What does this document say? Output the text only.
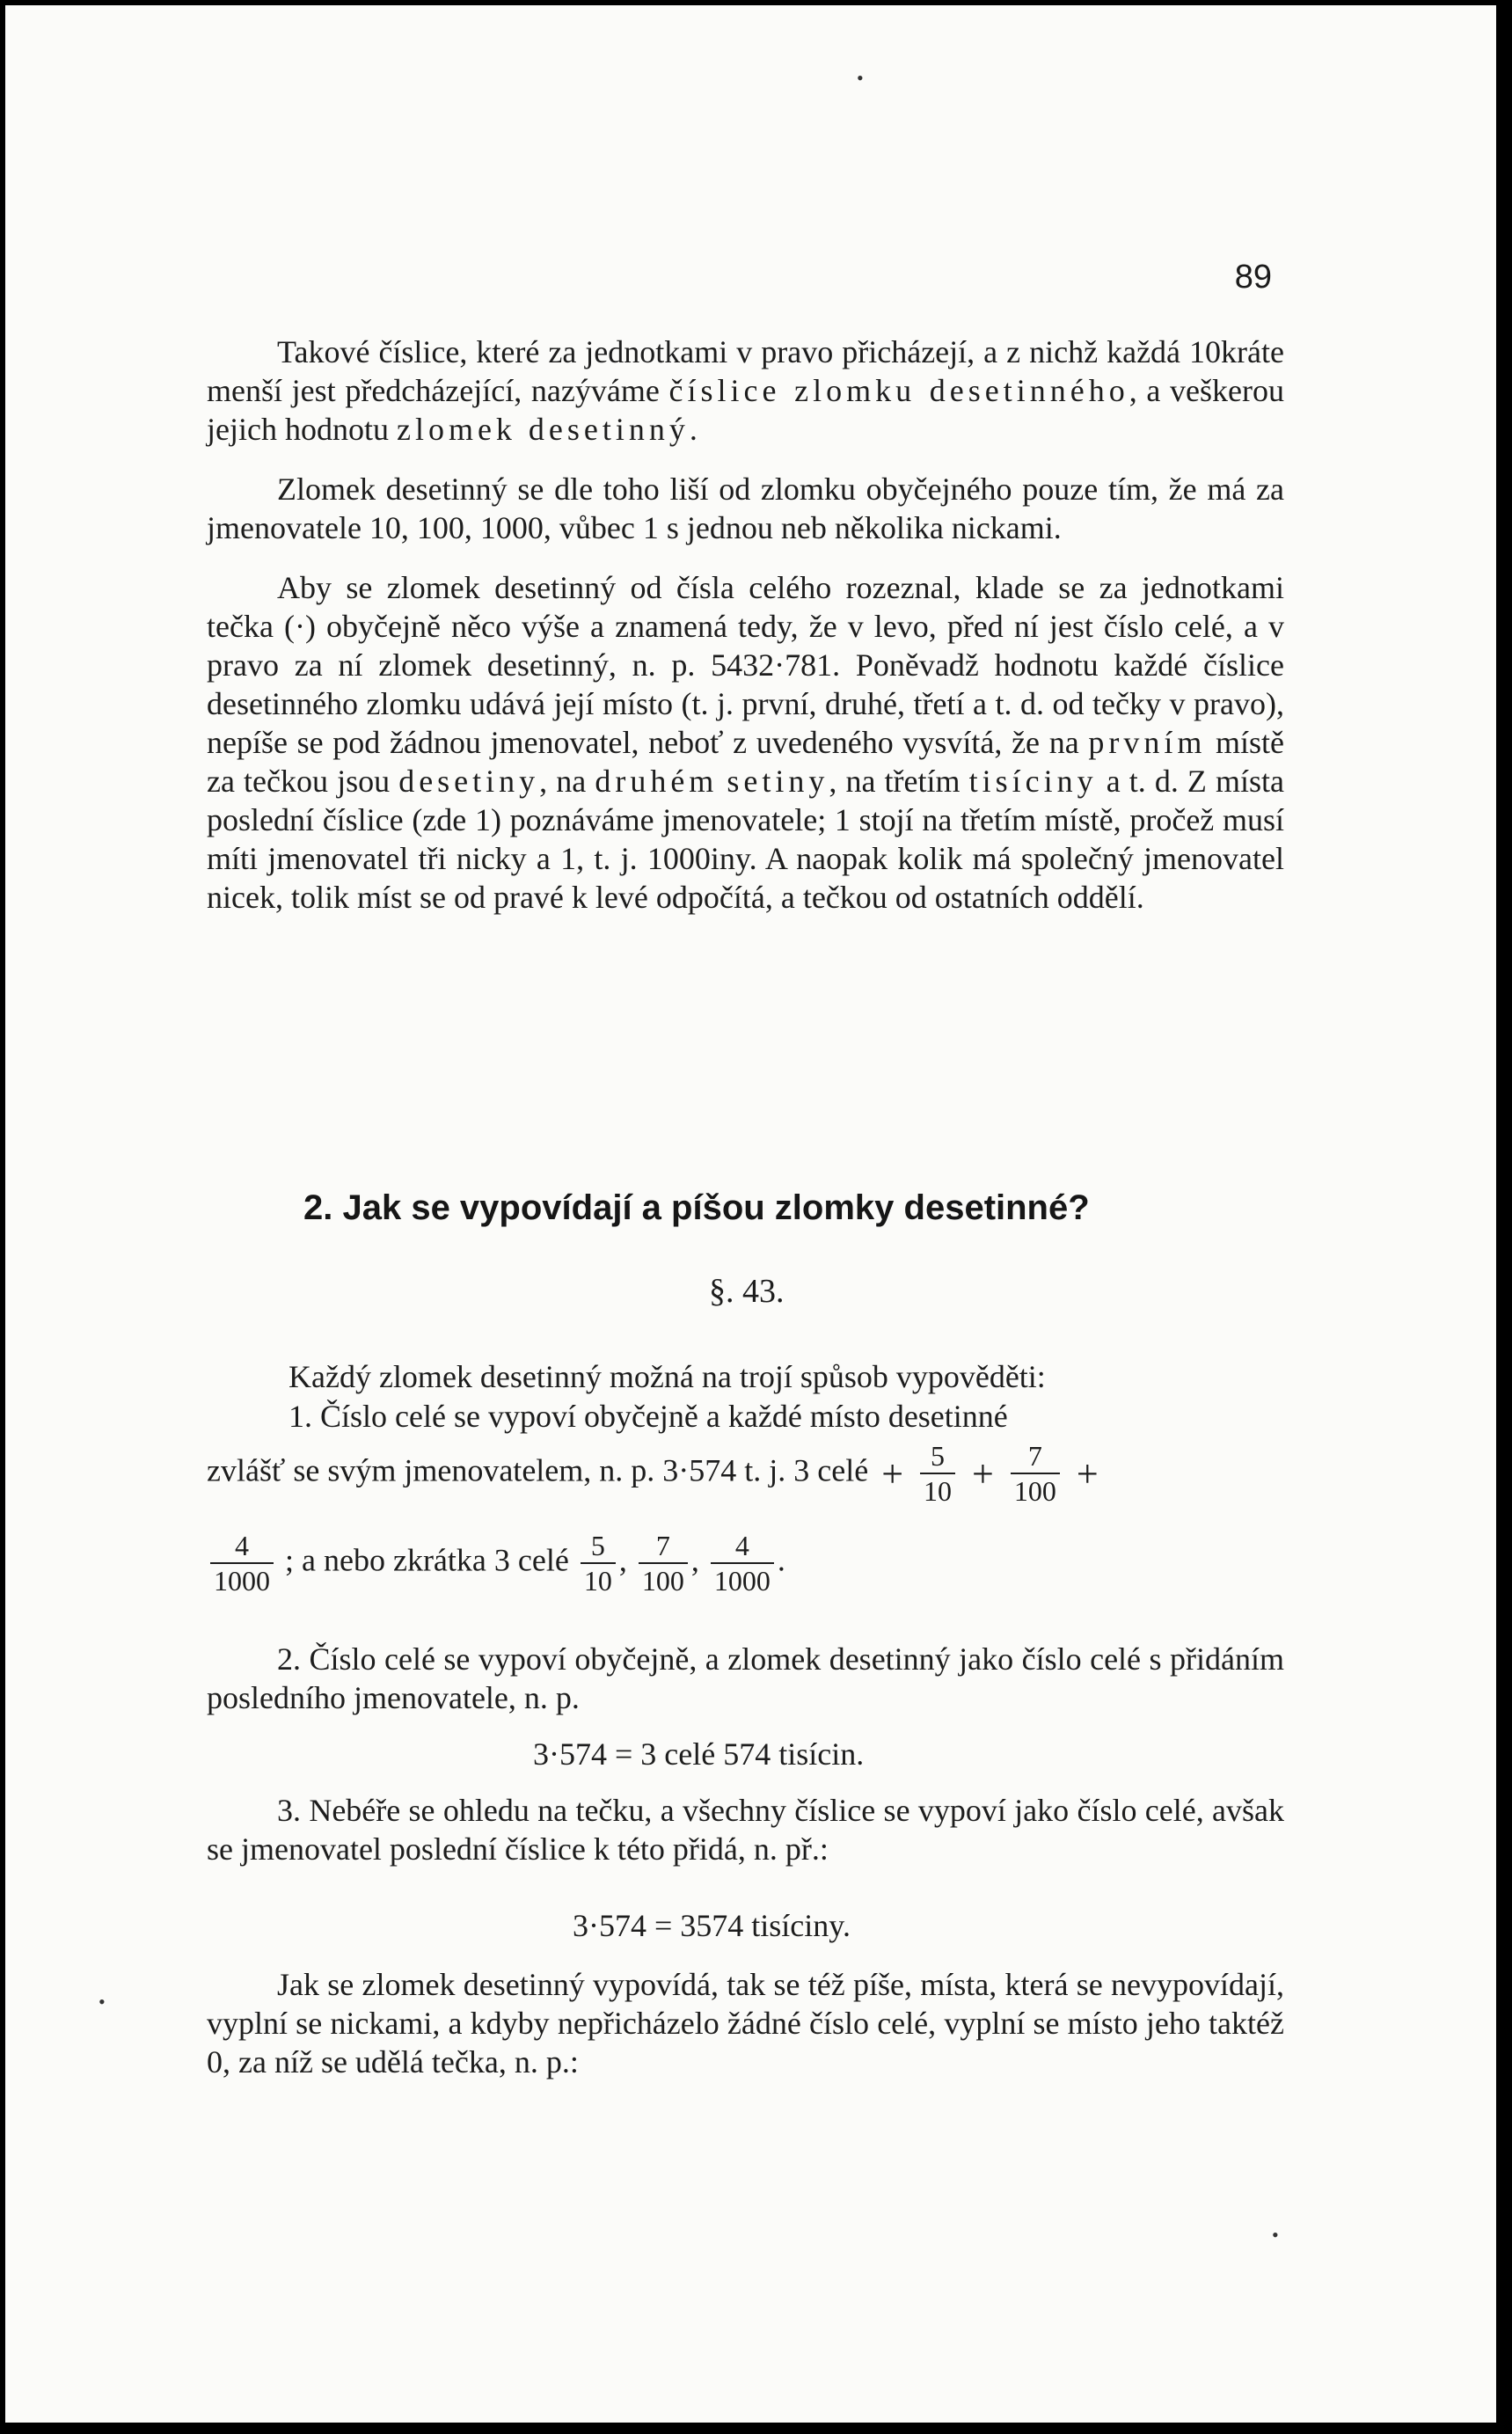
89

Takové číslice, které za jednotkami v pravo přicházejí, a z nichž každá 10kráte menší jest předcházející, nazýváme číslice zlomku desetinného, a veškerou jejich hodnotu zlomek desetinný.

Zlomek desetinný se dle toho liší od zlomku obyčejného pouze tím, že má za jmenovatele 10, 100, 1000, vůbec 1 s jednou neb několika nickami.

Aby se zlomek desetinný od čísla celého rozeznal, klade se za jednotkami tečka (·) obyčejně něco výše a znamená tedy, že v levo, před ní jest číslo celé, a v pravo za ní zlomek desetinný, n. p. 5432·781. Poněvadž hodnotu každé číslice desetinného zlomku udává její místo (t. j. první, druhé, třetí a t. d. od tečky v pravo), nepíše se pod žádnou jmenovatel, neboť z uvedeného vysvítá, že na prvním místě za tečkou jsou desetiny, na druhém setiny, na třetím tisíciny a t. d. Z místa poslední číslice (zde 1) poznáváme jmenovatele; 1 stojí na třetím místě, pročež musí míti jmenovatel tři nicky a 1, t. j. 1000iny. A naopak kolik má společný jmenovatel nicek, tolik míst se od pravé k levé odpočítá, a tečkou od ostatních oddělí.

2. Jak se vypovídají a píšou zlomky desetinné?
§. 43.
Každý zlomek desetinný možná na trojí spůsob vypověděti:
1. Číslo celé se vypoví obyčejně a každé místo desetinné
zvlášť se svým jmenovatelem, n. p. 3·574 t. j. 3 celé + $\frac{5}{10} + \frac{7}{100}$ +
$\frac{4}{1000}$ ; a nebo zkrátka 3 celé $\frac{5}{10}$ , $\frac{7}{100}$ , $\frac{4}{1000}$ .

2. Číslo celé se vypoví obyčejně, a zlomek desetinný jako číslo celé s přidáním posledního jmenovatele, n. p.

3·574 = 3 celé 574 tisícin.

3. Nebéře se ohledu na tečku, a všechny číslice se vypoví jako číslo celé, avšak se jmenovatel poslední číslice k této přidá, n. př.:

3·574 = 3574 tisíciny.

Jak se zlomek desetinný vypovídá, tak se též píše, místa, která se nevypovídají, vyplní se nickami, a kdyby nepřicházelo žádné číslo celé, vyplní se místo jeho taktéž 0, za níž se udělá tečka, n. p.:

•
•
•
